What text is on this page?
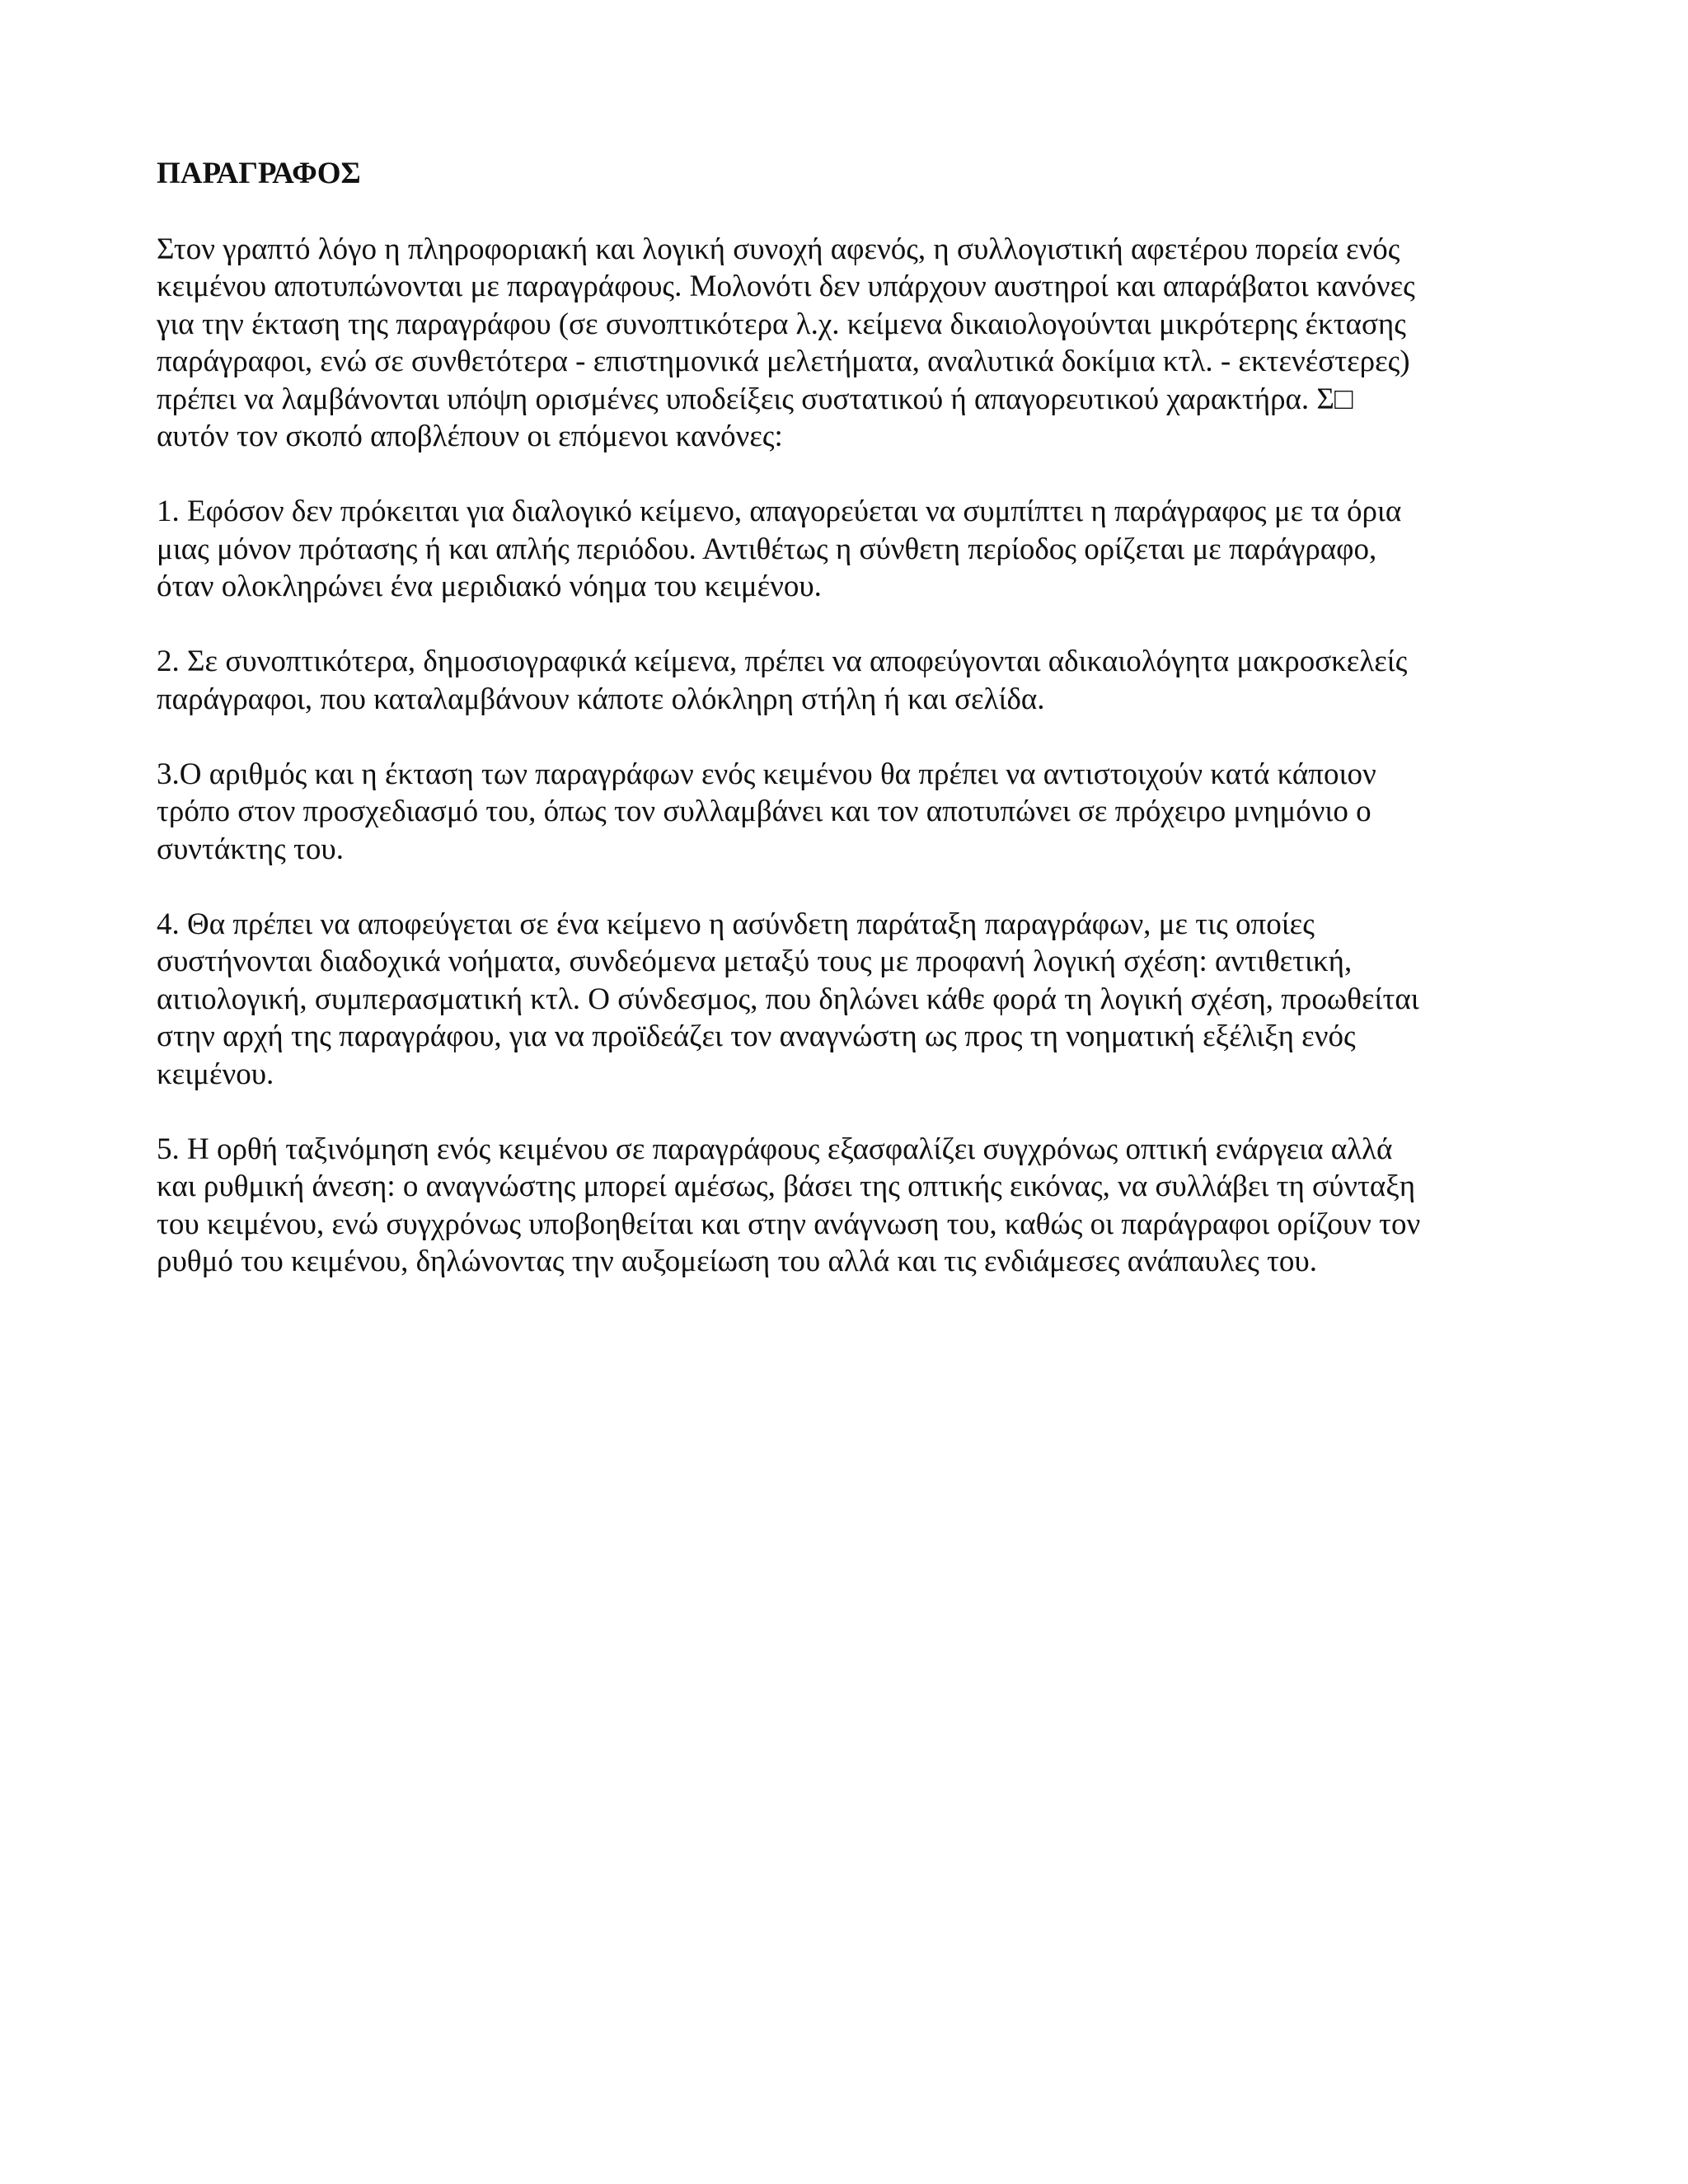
ΠΑΡΑΓΡΑΦΟΣ
Στον γραπτό λόγο η πληροφοριακή και λογική συνοχή αφενός, η συλλογιστική αφετέρου πορεία ενός
κειμένου αποτυπώνονται με παραγράφους. Μολονότι δεν υπάρχουν αυστηροί και απαράβατοι κανόνες
για την έκταση της παραγράφου (σε συνοπτικότερα λ.χ. κείμενα δικαιολογούνται μικρότερης έκτασης
παράγραφοι, ενώ σε συνθετότερα - επιστημονικά μελετήματα, αναλυτικά δοκίμια κτλ. - εκτενέστερες)
πρέπει να λαμβάνονται υπόψη ορισμένες υποδείξεις συστατικού ή απαγορευτικού χαρακτήρα. Σ□
αυτόν τον σκοπό αποβλέπουν οι επόμενοι κανόνες:
1. Εφόσον δεν πρόκειται για διαλογικό κείμενο, απαγορεύεται να συμπίπτει η παράγραφος με τα όρια
μιας μόνον πρότασης ή και απλής περιόδου. Αντιθέτως η σύνθετη περίοδος ορίζεται με παράγραφο,
όταν ολοκληρώνει ένα μεριδιακό νόημα του κειμένου.
2. Σε συνοπτικότερα, δημοσιογραφικά κείμενα, πρέπει να αποφεύγονται αδικαιολόγητα μακροσκελείς
παράγραφοι, που καταλαμβάνουν κάποτε ολόκληρη στήλη ή και σελίδα.
3.Ο αριθμός και η έκταση των παραγράφων ενός κειμένου θα πρέπει να αντιστοιχούν κατά κάποιον
τρόπο στον προσχεδιασμό του, όπως τον συλλαμβάνει και τον αποτυπώνει σε πρόχειρο μνημόνιο ο
συντάκτης του.
4. Θα πρέπει να αποφεύγεται σε ένα κείμενο η ασύνδετη παράταξη παραγράφων, με τις οποίες
συστήνονται διαδοχικά νοήματα, συνδεόμενα μεταξύ τους με προφανή λογική σχέση: αντιθετική,
αιτιολογική, συμπερασματική κτλ. Ο σύνδεσμος, που δηλώνει κάθε φορά τη λογική σχέση, προωθείται
στην αρχή της παραγράφου, για να προϊδεάζει τον αναγνώστη ως προς τη νοηματική εξέλιξη ενός
κειμένου.
5. Η ορθή ταξινόμηση ενός κειμένου σε παραγράφους εξασφαλίζει συγχρόνως οπτική ενάργεια αλλά
και ρυθμική άνεση: ο αναγνώστης μπορεί αμέσως, βάσει της οπτικής εικόνας, να συλλάβει τη σύνταξη
του κειμένου, ενώ συγχρόνως υποβοηθείται και στην ανάγνωση του, καθώς οι παράγραφοι ορίζουν τον
ρυθμό του κειμένου, δηλώνοντας την αυξομείωση του αλλά και τις ενδιάμεσες ανάπαυλες του.
